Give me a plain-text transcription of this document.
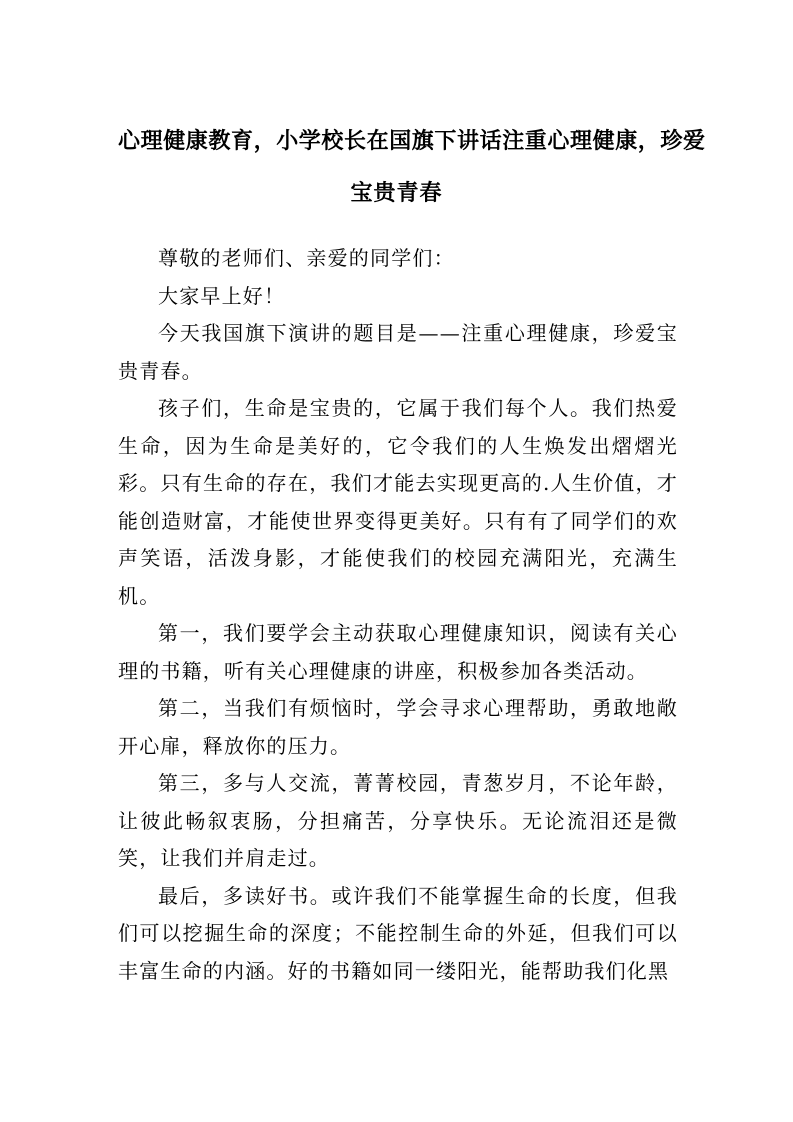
心理健康教育，小学校长在国旗下讲话注重心理健康，珍爱
宝贵青春

尊敬的老师们、亲爱的同学们：

大家早上好！

今天我国旗下演讲的题目是——注重心理健康，珍爱宝贵青春。

孩子们，生命是宝贵的，它属于我们每个人。我们热爱生命，因为生命是美好的，它令我们的人生焕发出熠熠光彩。只有生命的存在，我们才能去实现更高的.人生价值，才能创造财富，才能使世界变得更美好。只有有了同学们的欢声笑语，活泼身影，才能使我们的校园充满阳光，充满生机。

第一，我们要学会主动获取心理健康知识，阅读有关心理的书籍，听有关心理健康的讲座，积极参加各类活动。

第二，当我们有烦恼时，学会寻求心理帮助，勇敢地敞开心扉，释放你的压力。

第三，多与人交流，菁菁校园，青葱岁月，不论年龄，让彼此畅叙衷肠，分担痛苦，分享快乐。无论流泪还是微笑，让我们并肩走过。

最后，多读好书。或许我们不能掌握生命的长度，但我们可以挖掘生命的深度；不能控制生命的外延，但我们可以丰富生命的内涵。好的书籍如同一缕阳光，能帮助我们化黑
